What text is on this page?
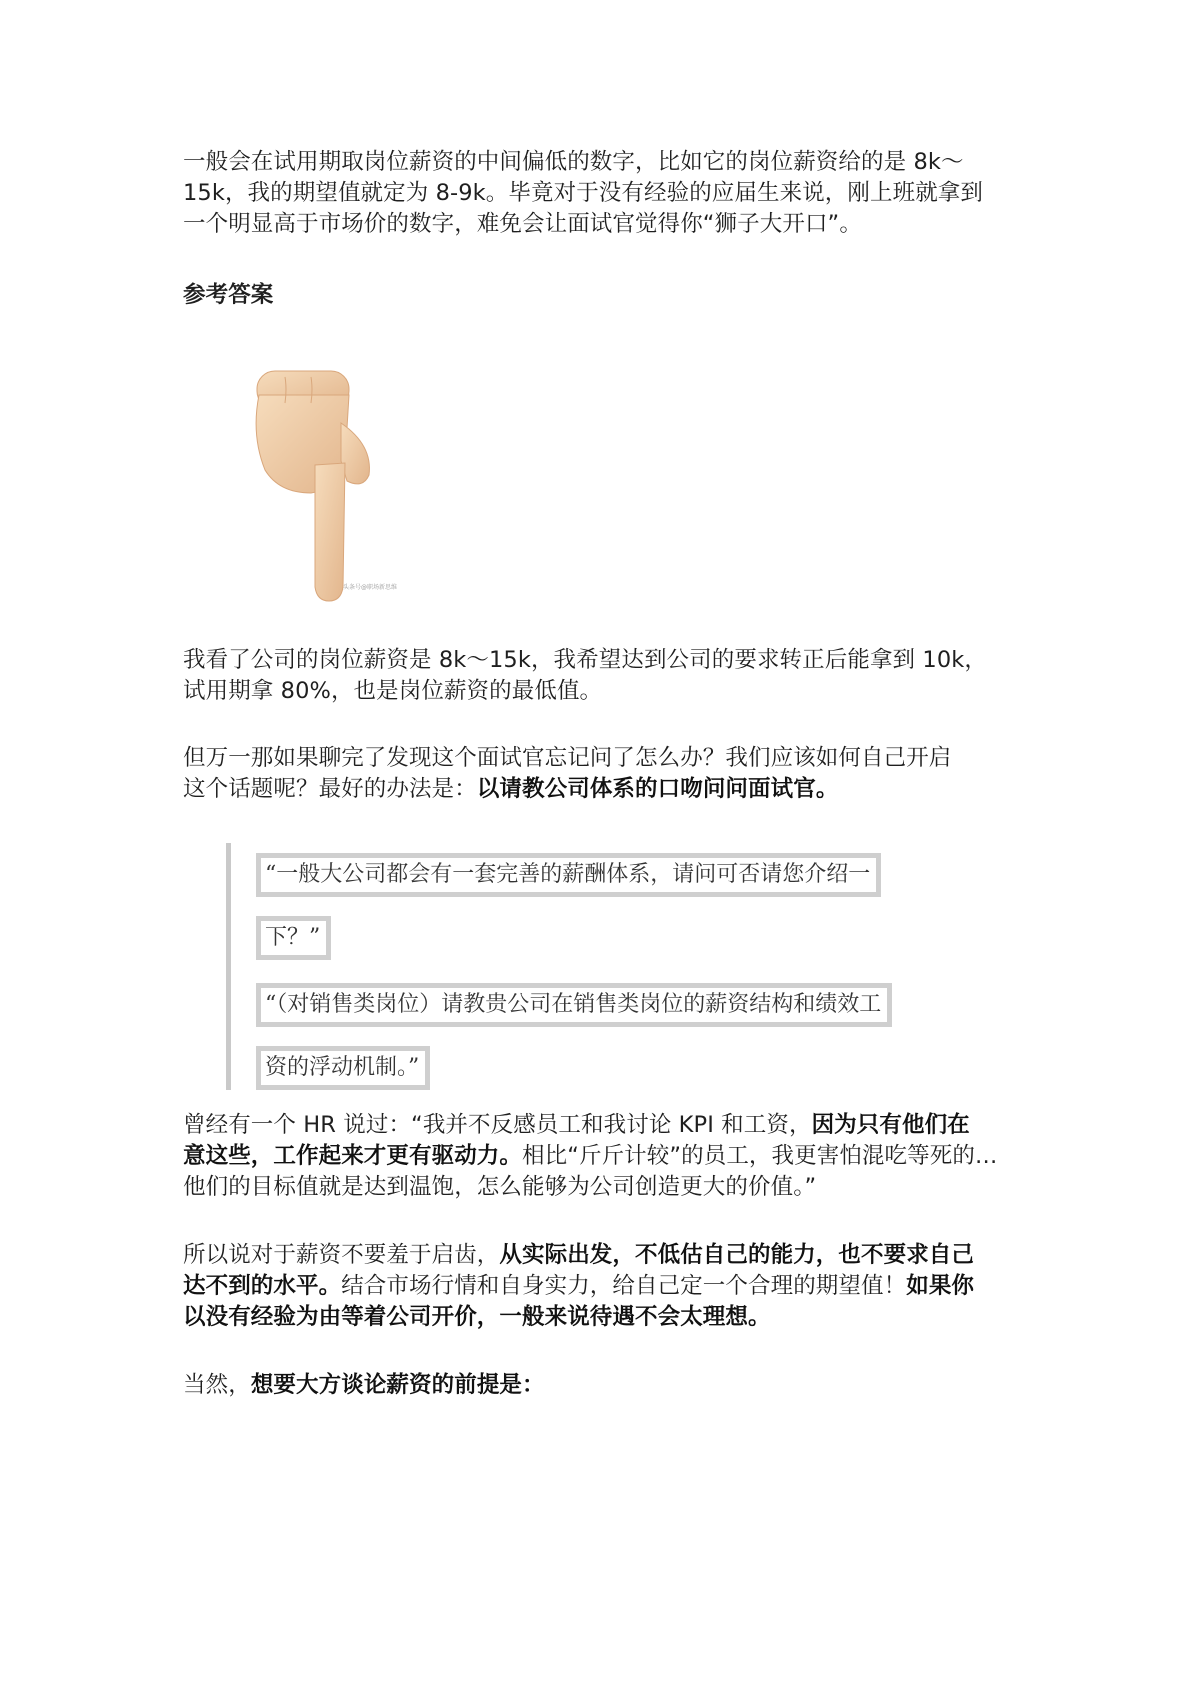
一般会在试用期取岗位薪资的中间偏低的数字，比如它的岗位薪资给的是 8k～
15k，我的期望值就定为 8-9k。毕竟对于没有经验的应届生来说，刚上班就拿到
一个明显高于市场价的数字，难免会让面试官觉得你“狮子大开口”。

参考答案

头条号@职场新思维

我看了公司的岗位薪资是 8k～15k，我希望达到公司的要求转正后能拿到 10k，
试用期拿 80%，也是岗位薪资的最低值。

但万一那如果聊完了发现这个面试官忘记问了怎么办？我们应该如何自己开启
这个话题呢？最好的办法是：以请教公司体系的口吻问问面试官。

“一般大公司都会有一套完善的薪酬体系，请问可否请您介绍一
下？”
“（对销售类岗位）请教贵公司在销售类岗位的薪资结构和绩效工
资的浮动机制。”

曾经有一个 HR 说过：“我并不反感员工和我讨论 KPI 和工资，因为只有他们在
意这些，工作起来才更有驱动力。相比“斤斤计较”的员工，我更害怕混吃等死的…
他们的目标值就是达到温饱，怎么能够为公司创造更大的价值。”

所以说对于薪资不要羞于启齿，从实际出发，不低估自己的能力，也不要求自己
达不到的水平。结合市场行情和自身实力，给自己定一个合理的期望值！如果你
以没有经验为由等着公司开价，一般来说待遇不会太理想。

当然，想要大方谈论薪资的前提是：
